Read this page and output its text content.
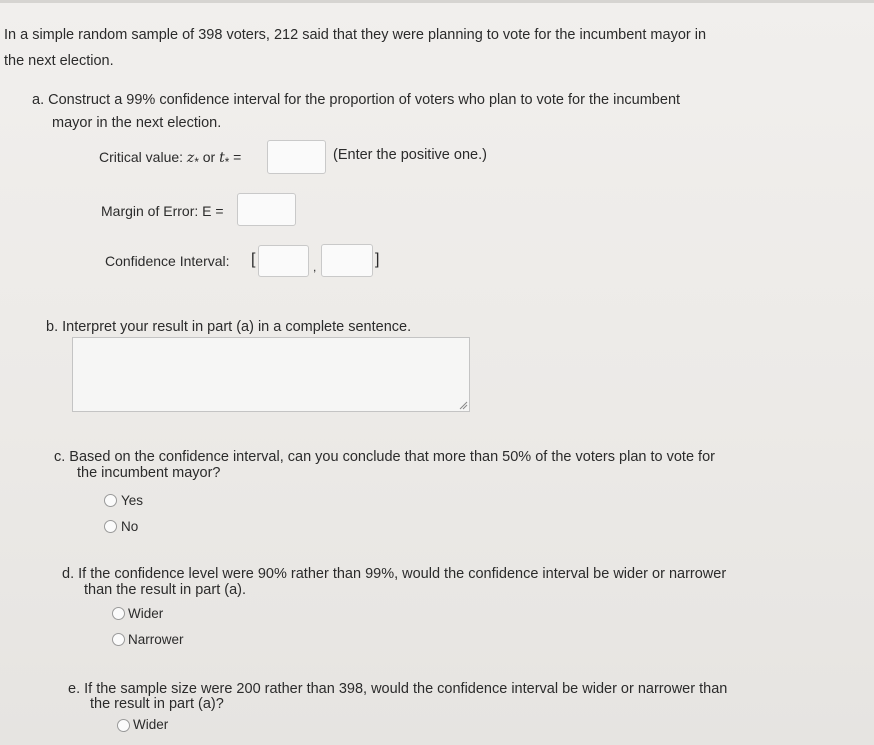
In a simple random sample of 398 voters, 212 said that they were planning to vote for the incumbent mayor in
the next election.
a. Construct a 99% confidence interval for the proportion of voters who plan to vote for the incumbent
mayor in the next election.
Critical value: $z_*$ or $t_*$ =	(Enter the positive one.)
Margin of Error: E =
Confidence Interval: [	,	]
b. Interpret your result in part (a) in a complete sentence.
c. Based on the confidence interval, can you conclude that more than 50% of the voters plan to vote for
the incumbent mayor?
Yes
No
d. If the confidence level were 90% rather than 99%, would the confidence interval be wider or narrower
than the result in part (a).
Wider
Narrower
e. If the sample size were 200 rather than 398, would the confidence interval be wider or narrower than
the result in part (a)?
Wider
